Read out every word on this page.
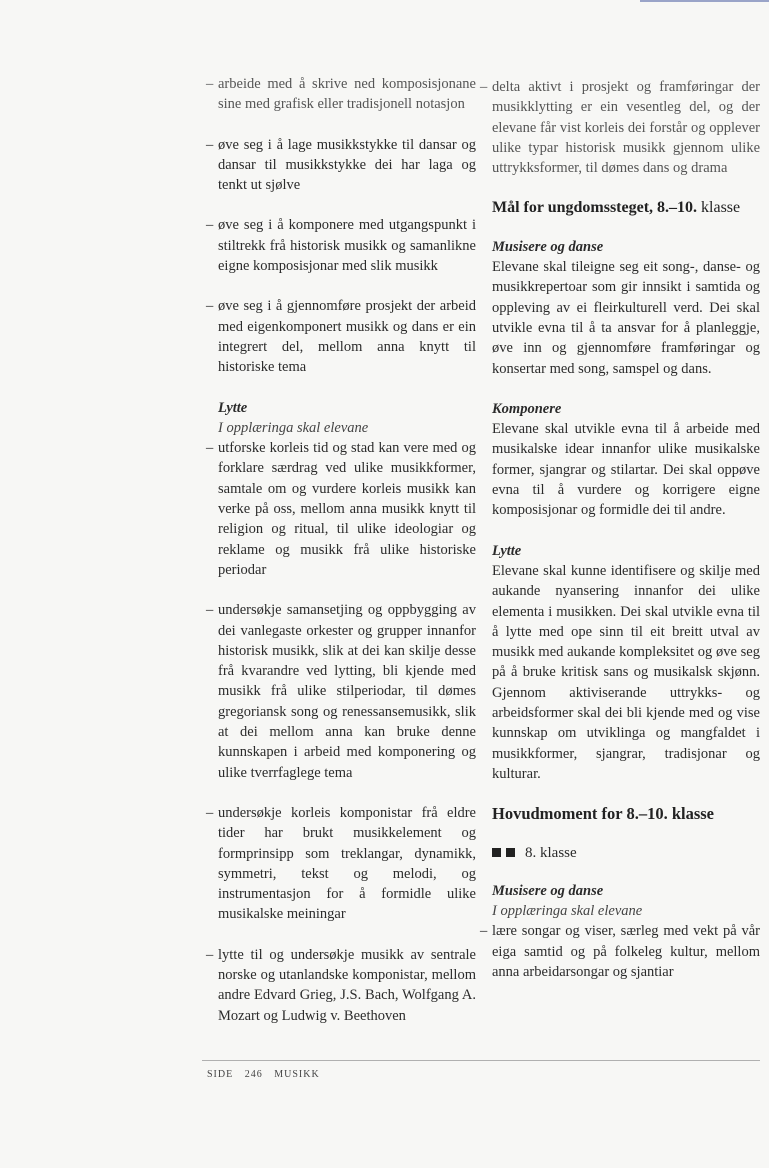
– arbeide med å skrive ned komposisjonane sine med grafisk eller tradisjonell notasjon
– øve seg i å lage musikkstykke til dansar og dansar til musikkstykke dei har laga og tenkt ut sjølve
– øve seg i å komponere med utgangspunkt i stiltrekk frå historisk musikk og samanlikne eigne komposisjonar med slik musikk
– øve seg i å gjennomføre prosjekt der arbeid med eigenkomponert musikk og dans er ein integrert del, mellom anna knytt til historiske tema

Lytte

I opplæringa skal elevane

– utforske korleis tid og stad kan vere med og forklare særdrag ved ulike musikkformer, samtale om og vurdere korleis musikk kan verke på oss, mellom anna musikk knytt til religion og ritual, til ulike ideologiar og reklame og musikk frå ulike historiske periodar
– undersøkje samansetjing og oppbygging av dei vanlegaste orkester og grupper innanfor historisk musikk, slik at dei kan skilje desse frå kvarandre ved lytting, bli kjende med musikk frå ulike stilperiodar, til dømes gregoriansk song og renessansemusikk, slik at dei mellom anna kan bruke denne kunnskapen i arbeid med komponering og ulike tverrfaglege tema
– undersøkje korleis komponistar frå eldre tider har brukt musikkelement og formprinsipp som treklangar, dynamikk, symmetri, tekst og melodi, og instrumentasjon for å formidle ulike musikalske meiningar
– lytte til og undersøkje musikk av sentrale norske og utanlandske komponistar, mellom andre Edvard Grieg, J.S. Bach, Wolfgang A. Mozart og Ludwig v. Beethoven
– delta aktivt i prosjekt og framføringar der musikklytting er ein vesentleg del, og der elevane får vist korleis dei forstår og opplever ulike typar historisk musikk gjennom ulike uttrykksformer, til dømes dans og drama
Mål for ungdomssteget, 8.–10. klasse

Musisere og danse

Elevane skal tileigne seg eit song-, danse- og musikkrepertoar som gir innsikt i samtida og oppleving av ei fleirkulturell verd. Dei skal utvikle evna til å ta ansvar for å planleggje, øve inn og gjennomføre framføringar og konsertar med song, samspel og dans.

Komponere

Elevane skal utvikle evna til å arbeide med musikalske idear innanfor ulike musikalske former, sjangrar og stilartar. Dei skal oppøve evna til å vurdere og korrigere eigne komposisjonar og formidle dei til andre.

Lytte

Elevane skal kunne identifisere og skilje med aukande nyansering innanfor dei ulike elementa i musikken. Dei skal utvikle evna til å lytte med ope sinn til eit breitt utval av musikk med aukande kompleksitet og øve seg på å bruke kritisk sans og musikalsk skjønn. Gjennom aktiviserande uttrykks- og arbeidsformer skal dei bli kjende med og vise kunnskap om utviklinga og mangfaldet i musikkformer, sjangrar, tradisjonar og kulturar.

Hovudmoment for 8.–10. klasse
8. klasse

Musisere og danse

I opplæringa skal elevane

– lære songar og viser, særleg med vekt på vår eiga samtid og på folkeleg kultur, mellom anna arbeidarsongar og sjantiar
SIDE 246 MUSIKK
